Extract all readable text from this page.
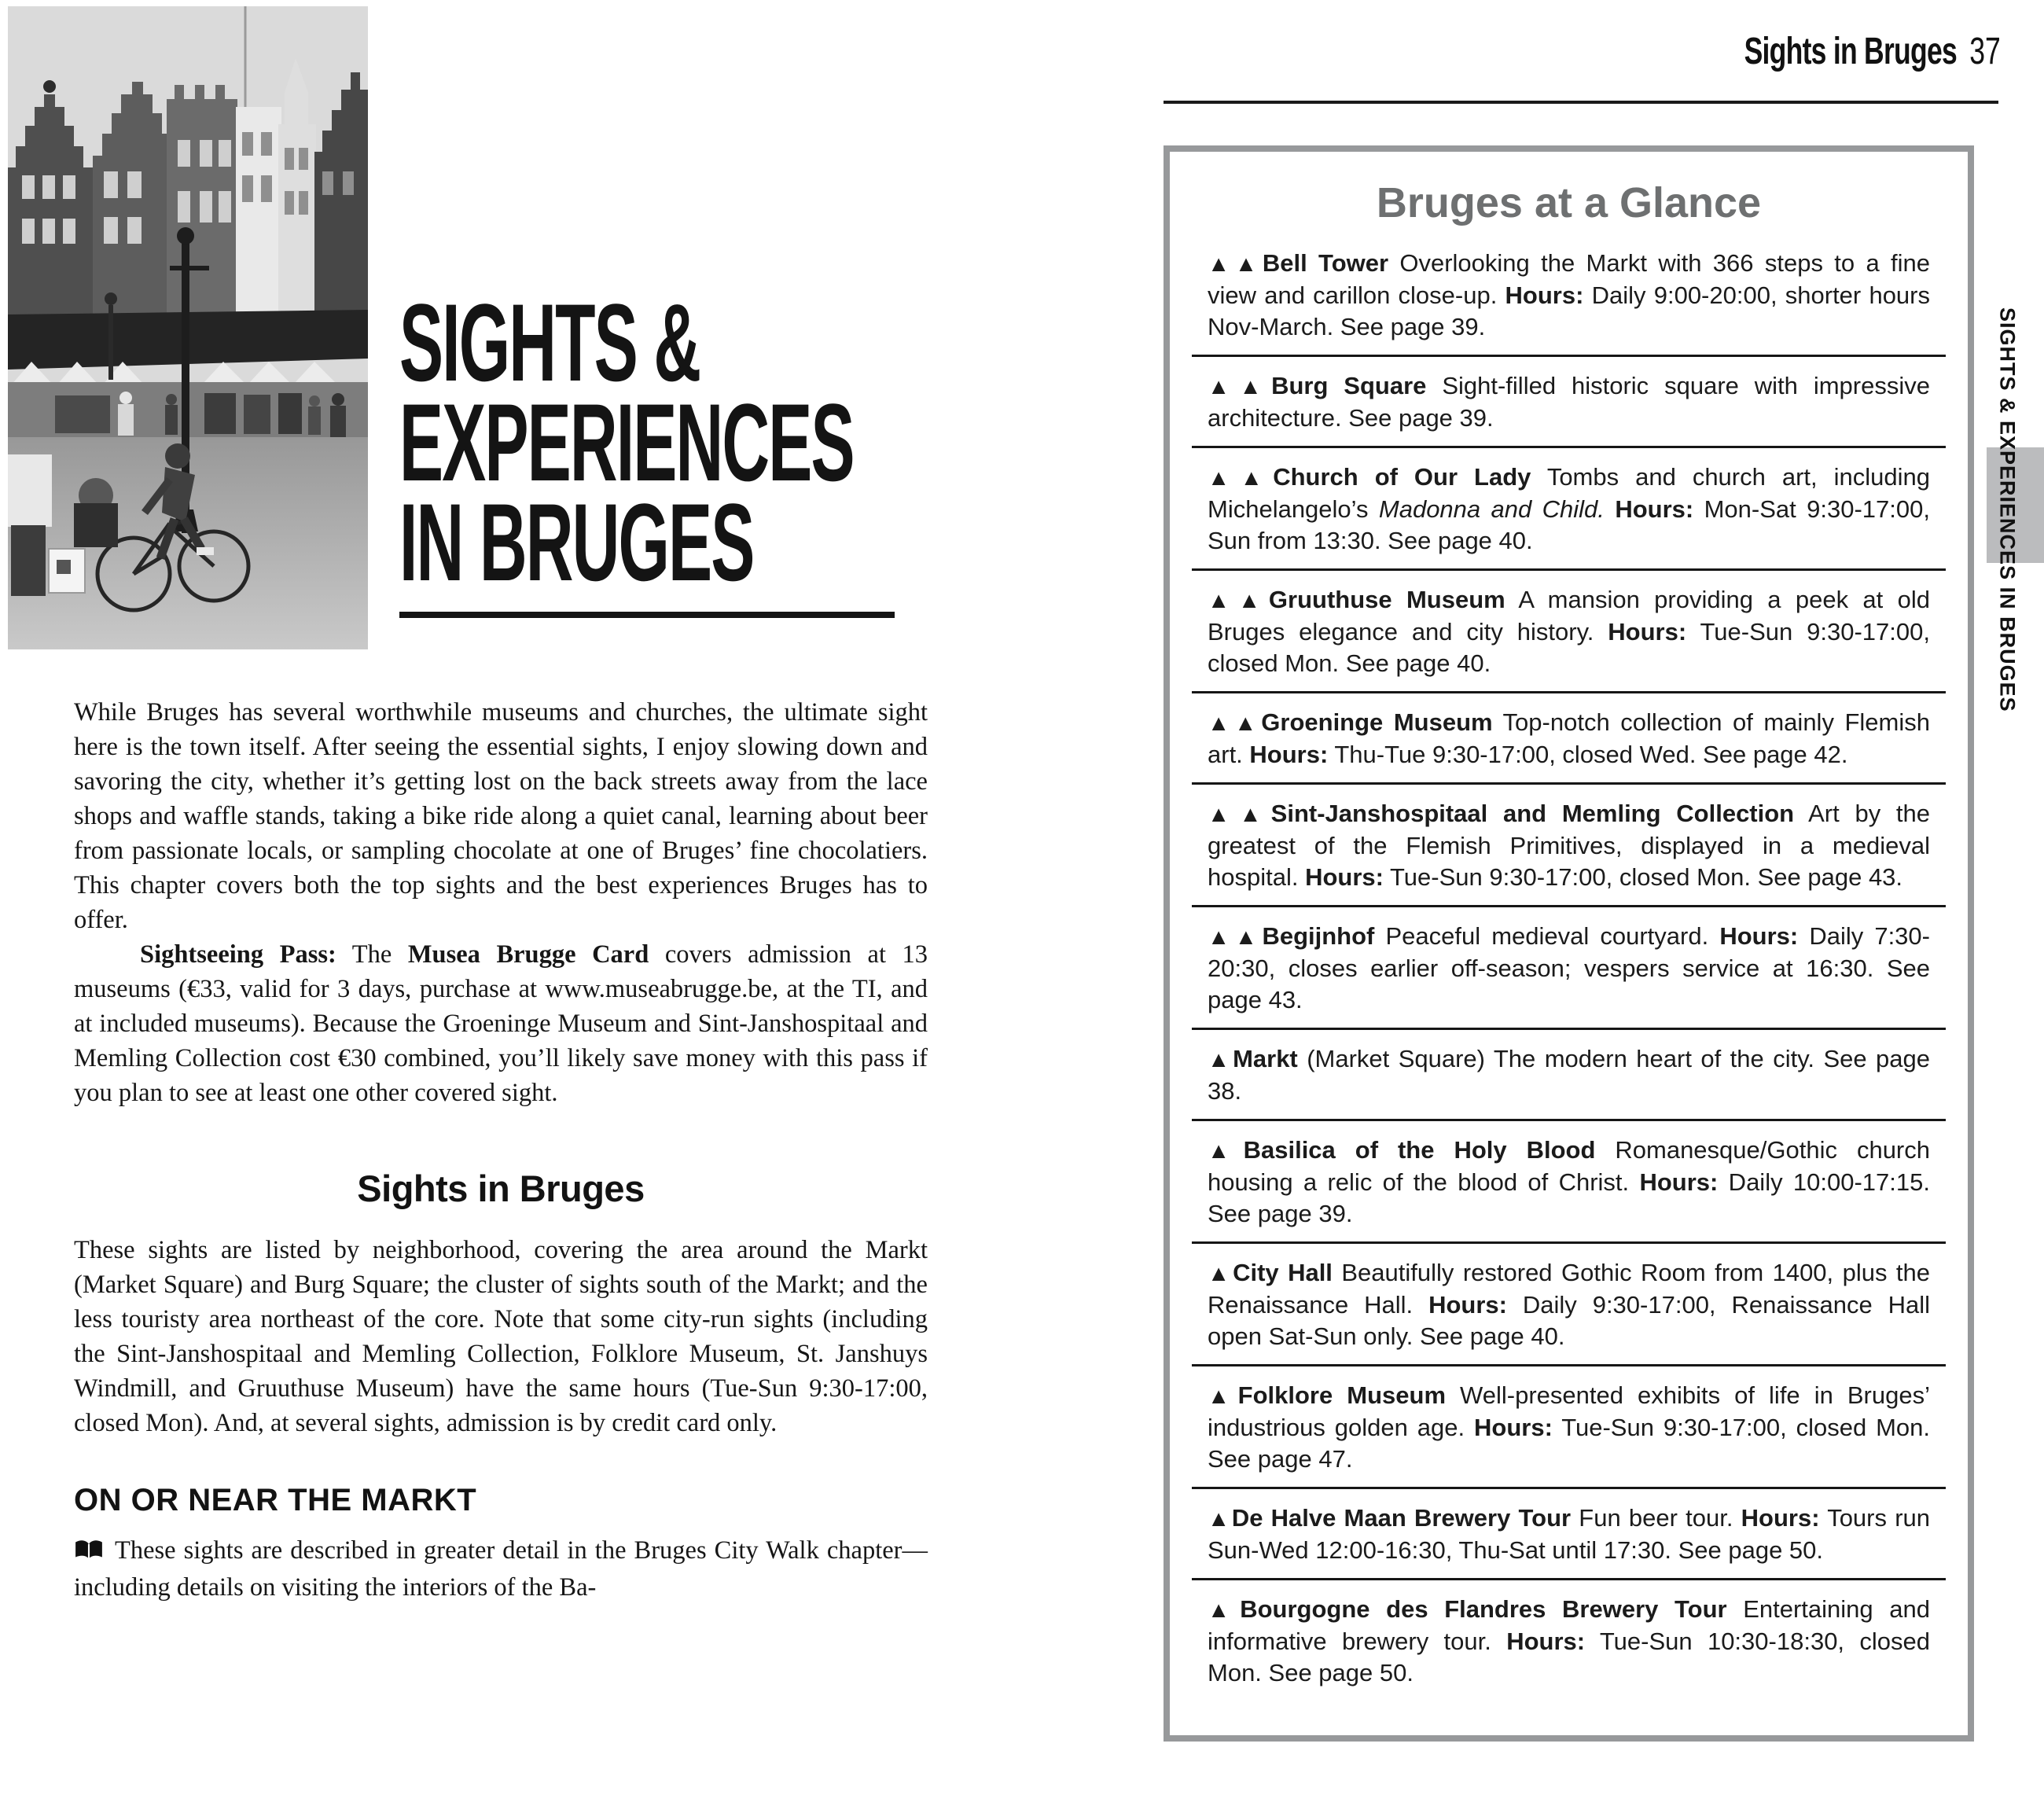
Sights in Bruges 37
SIGHTS &
EXPERIENCES
IN BRUGES

While Bruges has several worthwhile museums and churches, the ultimate sight here is the town itself. After seeing the essential sights, I enjoy slowing down and savoring the city, whether it’s getting lost on the back streets away from the lace shops and waffle stands, taking a bike ride along a quiet canal, learning about beer from passionate locals, or sampling chocolate at one of Bruges’ fine chocolatiers. This chapter covers both the top sights and the best experiences Bruges has to offer.

Sightseeing Pass: The Musea Brugge Card covers admission at 13 museums (€33, valid for 3 days, purchase at www.museabrugge.be, at the TI, and at included museums). Because the Groeninge Museum and Sint-Janshospitaal and Memling Collection cost €30 combined, you’ll likely save money with this pass if you plan to see at least one other covered sight.

Sights in Bruges

These sights are listed by neighborhood, covering the area around the Markt (Market Square) and Burg Square; the cluster of sights south of the Markt; and the less touristy area northeast of the core. Note that some city-run sights (including the Sint-Janshospitaal and Memling Collection, Folklore Museum, St. Janshuys Windmill, and Gruuthuse Museum) have the same hours (Tue-Sun 9:30-17:00, closed Mon). And, at several sights, admission is by credit card only.

ON OR NEAR THE MARKT

These sights are described in greater detail in the Bruges City Walk chapter—including details on visiting the interiors of the Ba-

Bruges at a Glance

▲▲Bell Tower Overlooking the Markt with 366 steps to a fine view and carillon close-up. Hours: Daily 9:00-20:00, shorter hours Nov-March. See page 39.

▲▲Burg Square Sight-filled historic square with impressive architecture. See page 39.

▲▲Church of Our Lady Tombs and church art, including Michelangelo’s Madonna and Child. Hours: Mon-Sat 9:30-17:00, Sun from 13:30. See page 40.

▲▲Gruuthuse Museum A mansion providing a peek at old Bruges elegance and city history. Hours: Tue-Sun 9:30-17:00, closed Mon. See page 40.

▲▲Groeninge Museum Top-notch collection of mainly Flemish art. Hours: Thu-Tue 9:30-17:00, closed Wed. See page 42.

▲▲Sint-Janshospitaal and Memling Collection Art by the greatest of the Flemish Primitives, displayed in a medieval hospital. Hours: Tue-Sun 9:30-17:00, closed Mon. See page 43.

▲▲Begijnhof Peaceful medieval courtyard. Hours: Daily 7:30-20:30, closes earlier off-season; vespers service at 16:30. See page 43.

▲Markt (Market Square) The modern heart of the city. See page 38.

▲Basilica of the Holy Blood Romanesque/Gothic church housing a relic of the blood of Christ. Hours: Daily 10:00-17:15. See page 39.

▲City Hall Beautifully restored Gothic Room from 1400, plus the Renaissance Hall. Hours: Daily 9:30-17:00, Renaissance Hall open Sat-Sun only. See page 40.

▲Folklore Museum Well-presented exhibits of life in Bruges’ industrious golden age. Hours: Tue-Sun 9:30-17:00, closed Mon. See page 47.

▲De Halve Maan Brewery Tour Fun beer tour. Hours: Tours run Sun-Wed 12:00-16:30, Thu-Sat until 17:30. See page 50.

▲Bourgogne des Flandres Brewery Tour Entertaining and informative brewery tour. Hours: Tue-Sun 10:30-18:30, closed Mon. See page 50.

SIGHTS & EXPERIENCES IN BRUGES
